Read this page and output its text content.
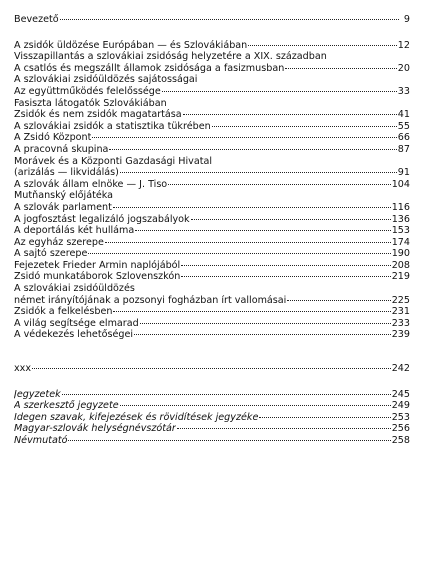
Bevezető	9
A zsidók üldözése Európában — és Szlovákiában	12
Visszapillantás a szlovákiai zsidóság helyzetére a XIX. században
A csatlós és megszállt államok zsidósága a fasizmusban	20
A szlovákiai zsidóüldözés sajátosságai
Az együttműködés felelőssége	33
Fasiszta látogatók Szlovákiában
Zsidók és nem zsidók magatartása	41
A szlovákiai zsidók a statisztika tükrében	55
A Zsidó Központ	66
A pracovná skupina	87
Morávek és a Központi Gazdasági Hivatal
(arizálás — likvidálás)	91
A szlovák állam elnöke — J. Tiso	104
Mutňanský előjátéka
A szlovák parlament	116
A jogfosztást legalizáló jogszabályok	136
A deportálás két hulláma	153
Az egyház szerepe	174
A sajtó szerepe	190
Fejezetek Frieder Ármin naplójából	208
Zsidó munkatáborok Szlovenszkón	219
A szlovákiai zsidóüldözés
német irányítójának a pozsonyi fogházban írt vallomásai	225
Zsidók a felkelésben	231
A világ segítsége elmarad	233
A védekezés lehetőségei	239
xxx	242
Jegyzetek	245
A szerkesztő jegyzete	249
Idegen szavak, kifejezések és rövidítések jegyzéke	253
Magyar-szlovák helységnévszótár	256
Névmutató	258
